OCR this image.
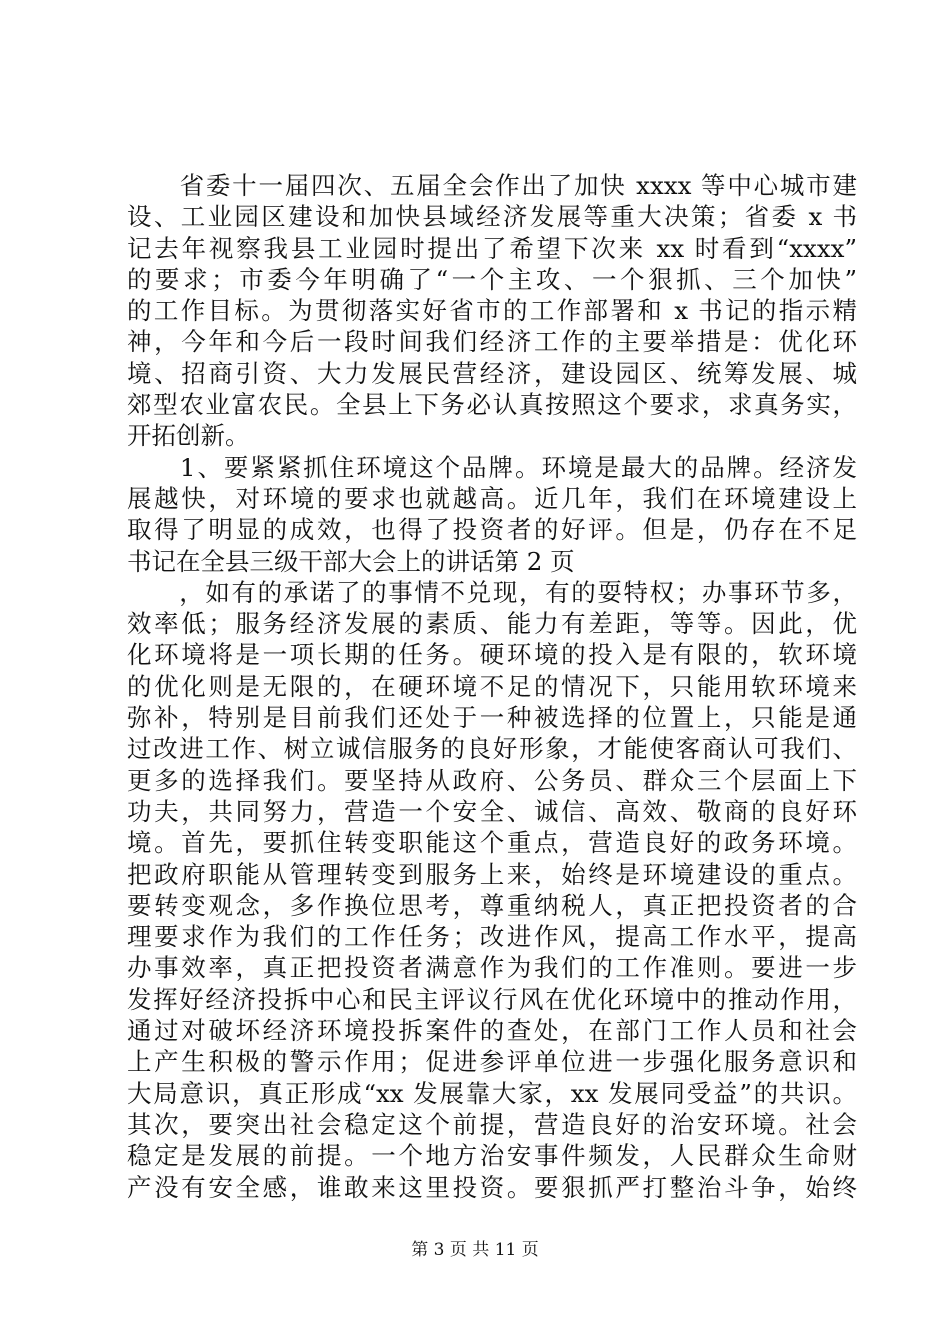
　　省委十一届四次、五届全会作出了加快 xxxx 等中心城市建
设、工业园区建设和加快县域经济发展等重大决策；省委 x 书
记去年视察我县工业园时提出了希望下次来 xx 时看到“xxxx”
的要求；市委今年明确了“一个主攻、一个狠抓、三个加快”
的工作目标。为贯彻落实好省市的工作部署和 x 书记的指示精
神，今年和今后一段时间我们经济工作的主要举措是：优化环
境、招商引资、大力发展民营经济，建设园区、统筹发展、城
郊型农业富农民。全县上下务必认真按照这个要求，求真务实，
开拓创新。
　　1、要紧紧抓住环境这个品牌。环境是最大的品牌。经济发
展越快，对环境的要求也就越高。近几年，我们在环境建设上
取得了明显的成效，也得了投资者的好评。但是，仍存在不足
书记在全县三级干部大会上的讲话第 2 页
　　，如有的承诺了的事情不兑现，有的耍特权；办事环节多，
效率低；服务经济发展的素质、能力有差距，等等。因此，优
化环境将是一项长期的任务。硬环境的投入是有限的，软环境
的优化则是无限的，在硬环境不足的情况下，只能用软环境来
弥补，特别是目前我们还处于一种被选择的位置上，只能是通
过改进工作、树立诚信服务的良好形象，才能使客商认可我们、
更多的选择我们。要坚持从政府、公务员、群众三个层面上下
功夫，共同努力，营造一个安全、诚信、高效、敬商的良好环
境。首先，要抓住转变职能这个重点，营造良好的政务环境。
把政府职能从管理转变到服务上来，始终是环境建设的重点。
要转变观念，多作换位思考，尊重纳税人，真正把投资者的合
理要求作为我们的工作任务；改进作风，提高工作水平，提高
办事效率，真正把投资者满意作为我们的工作准则。要进一步
发挥好经济投拆中心和民主评议行风在优化环境中的推动作用，
通过对破坏经济环境投拆案件的查处，在部门工作人员和社会
上产生积极的警示作用；促进参评单位进一步强化服务意识和
大局意识，真正形成“xx 发展靠大家，xx 发展同受益”的共识。
其次，要突出社会稳定这个前提，营造良好的治安环境。社会
稳定是发展的前提。一个地方治安事件频发，人民群众生命财
产没有安全感，谁敢来这里投资。要狠抓严打整治斗争，始终
第 3 页 共 11 页
